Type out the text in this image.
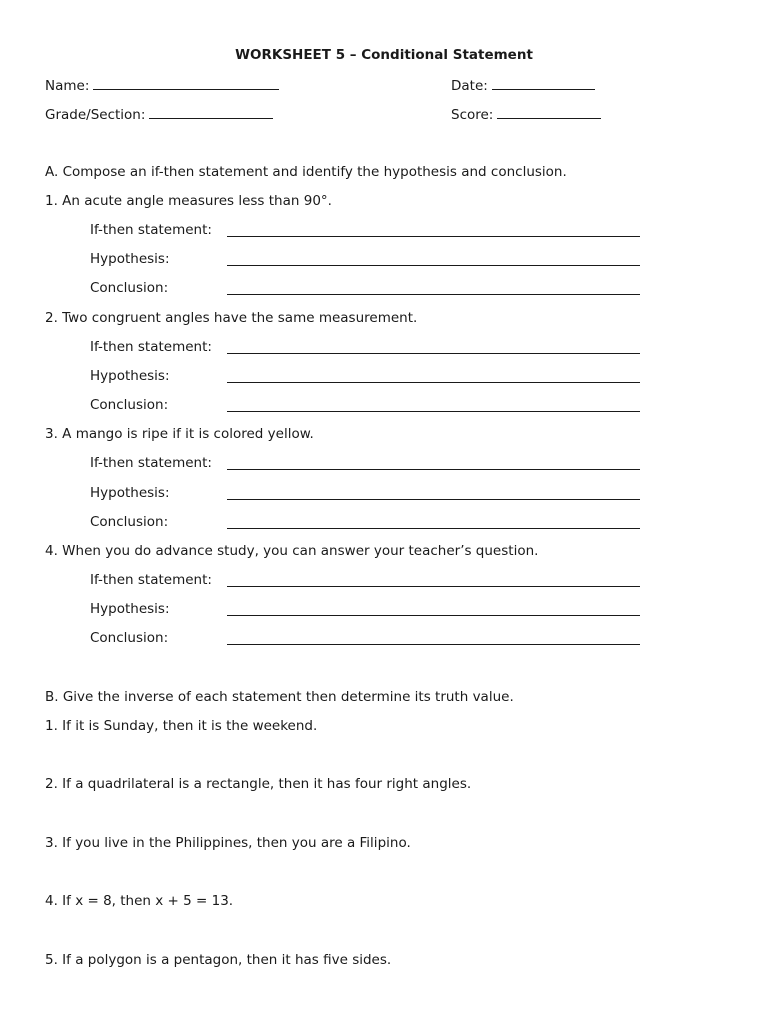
WORKSHEET 5 – Conditional Statement
Name:	Date:
Grade/Section:	Score:
A. Compose an if-then statement and identify the hypothesis and conclusion.
1. An acute angle measures less than 90°.
If-then statement:
Hypothesis:
Conclusion:
2. Two congruent angles have the same measurement.
If-then statement:
Hypothesis:
Conclusion:
3. A mango is ripe if it is colored yellow.
If-then statement:
Hypothesis:
Conclusion:
4. When you do advance study, you can answer your teacher’s question.
If-then statement:
Hypothesis:
Conclusion:
B. Give the inverse of each statement then determine its truth value.
1. If it is Sunday, then it is the weekend.
2. If a quadrilateral is a rectangle, then it has four right angles.
3. If you live in the Philippines, then you are a Filipino.
4. If x = 8, then x + 5 = 13.
5. If a polygon is a pentagon, then it has five sides.
